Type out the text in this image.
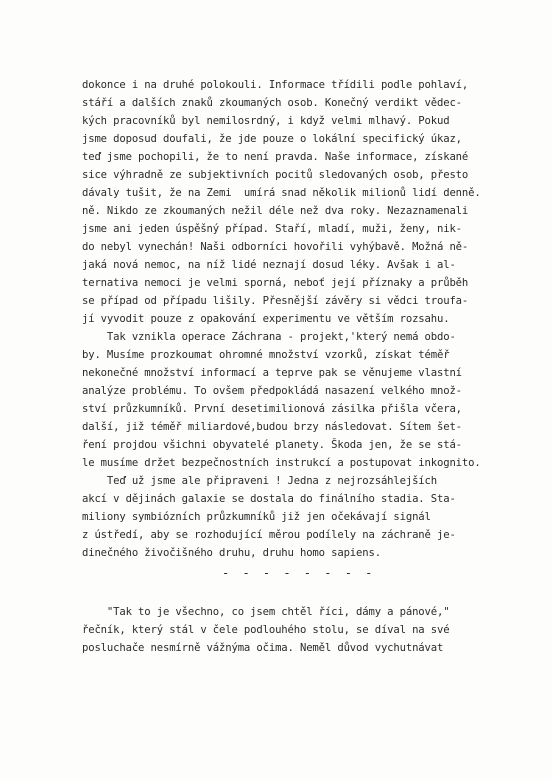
dokonce i na druhé polokouli. Informace třídili podle pohlaví,
stáří a dalších znaků zkoumaných osob. Konečný verdikt vědec-
kých pracovníků byl nemilosrdný, i když velmi mlhavý. Pokud
jsme doposud doufali, že jde pouze o lokální specifický úkaz,
teď jsme pochopili, že to není pravda. Naše informace, získané
sice výhradně ze subjektivních pocitů sledovaných osob, přesto
dávaly tušit, že na Zemi  umírá snad několik milionů lidí denně.
ně. Nikdo ze zkoumaných nežil déle než dva roky. Nezaznamenali
jsme ani jeden úspěšný případ. Staří, mladí, muži, ženy, nik-
do nebyl vynechán! Naši odborníci hovořili vyhýbavě. Možná ně-
jaká nová nemoc, na níž lidé neznají dosud léky. Avšak i al-
ternativa nemoci je velmi sporná, neboť její příznaky a průběh
se případ od případu lišily. Přesnější závěry si vědci troufa-
jí vyvodit pouze z opakování experimentu ve větším rozsahu.
Tak vznikla operace Záchrana - projekt,'který nemá obdo-
by. Musíme prozkoumat ohromné množství vzorků, získat téměř
nekonečné množství informací a teprve pak se věnujeme vlastní
analýze problému. To ovšem předpokládá nasazení velkého množ-
ství průzkumníků. První desetimilionová zásilka přišla včera,
další, již téměř miliardové,budou brzy následovat. Sítem šet-
ření projdou všichni obyvatelé planety. Škoda jen, že se stá-
le musíme držet bezpečnostních instrukcí a postupovat inkognito.
Teď už jsme ale připraveni ! Jedna z nejrozsáhlejších
akcí v dějinách galaxie se dostala do finálního stadia. Sta-
miliony symbiózních průzkumníků již jen očekávají signál
z ústředí, aby se rozhodující měrou podílely na záchraně je-
dinečného živočišného druhu, druhu homo sapiens.
- - - - - - - -
"Tak to je všechno, co jsem chtěl říci, dámy a pánové,"
řečník, který stál v čele podlouhého stolu, se díval na své
posluchače nesmírně vážnýma očima. Neměl důvod vychutnávat
